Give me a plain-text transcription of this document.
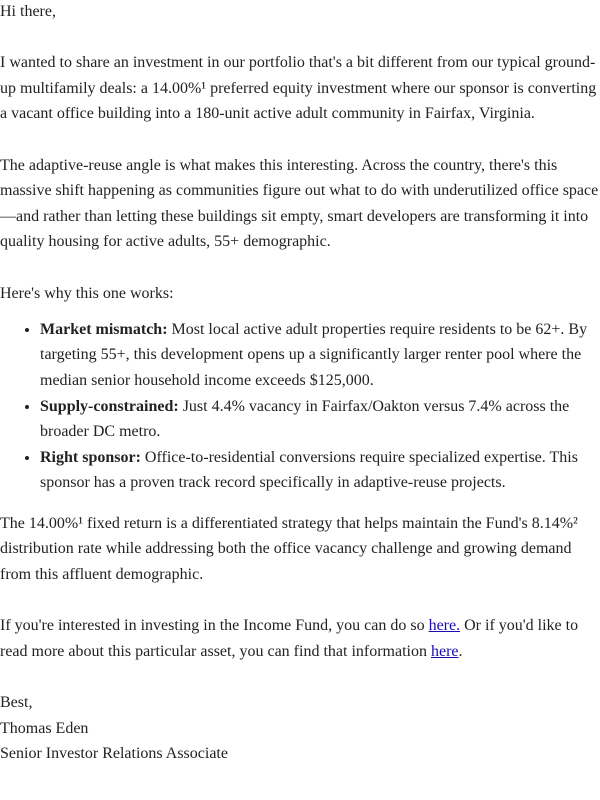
Hi there,

I wanted to share an investment in our portfolio that's a bit different from our typical ground-up multifamily deals: a 14.00%¹ preferred equity investment where our sponsor is converting a vacant office building into a 180-unit active adult community in Fairfax, Virginia.

The adaptive-reuse angle is what makes this interesting. Across the country, there's this massive shift happening as communities figure out what to do with underutilized office space—and rather than letting these buildings sit empty, smart developers are transforming it into quality housing for active adults, 55+ demographic.

Here's why this one works:

• Market mismatch: Most local active adult properties require residents to be 62+. By targeting 55+, this development opens up a significantly larger renter pool where the median senior household income exceeds $125,000.
• Supply-constrained: Just 4.4% vacancy in Fairfax/Oakton versus 7.4% across the broader DC metro.
• Right sponsor: Office-to-residential conversions require specialized expertise. This sponsor has a proven track record specifically in adaptive-reuse projects.

The 14.00%¹ fixed return is a differentiated strategy that helps maintain the Fund's 8.14%² distribution rate while addressing both the office vacancy challenge and growing demand from this affluent demographic.

If you're interested in investing in the Income Fund, you can do so here. Or if you'd like to read more about this particular asset, you can find that information here.

Best,

Thomas Eden

Senior Investor Relations Associate
